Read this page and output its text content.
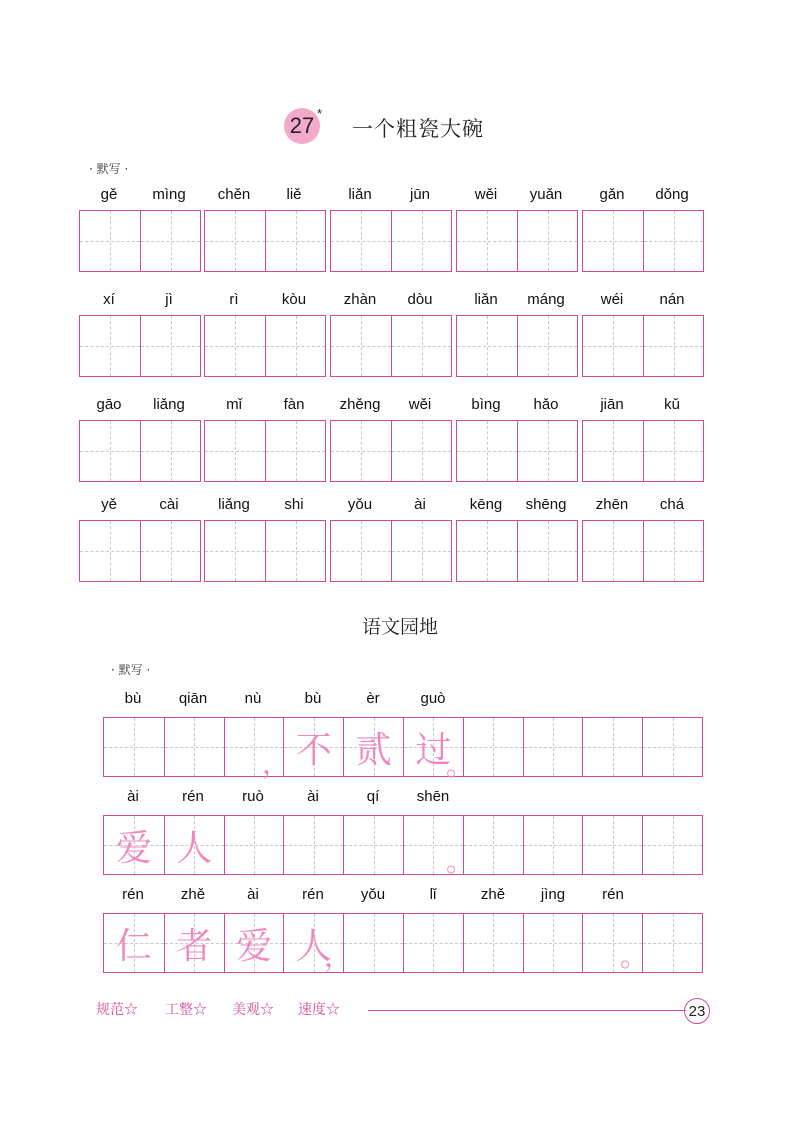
27 *
一个粗瓷大碗
· 默写 ·
gě	mìng	chěn	liě	liǎn	jūn	wěi	yuǎn	gǎn	dǒng
xí	jì	rì	kòu	zhàn	dòu	liǎn	máng	wéi	nán
gāo	liǎng	mǐ	fàn	zhěng	wěi	bìng	hǎo	jiān	kǔ
yě	cài	liǎng	shi	yǒu	ài	kēng	shēng	zhēn	chá
语文园地
· 默写 ·
bù	qiān	nù	bù	èr	guò
不 贰 过
ài	rén	ruò	ài	qí	shēn
爱 人
rén	zhě	ài	rén	yǒu	lǐ	zhě	jìng	rén
仁 者 爱 人
，	。
。
，	。
规范☆ 工整☆ 美观☆ 速度☆	23
